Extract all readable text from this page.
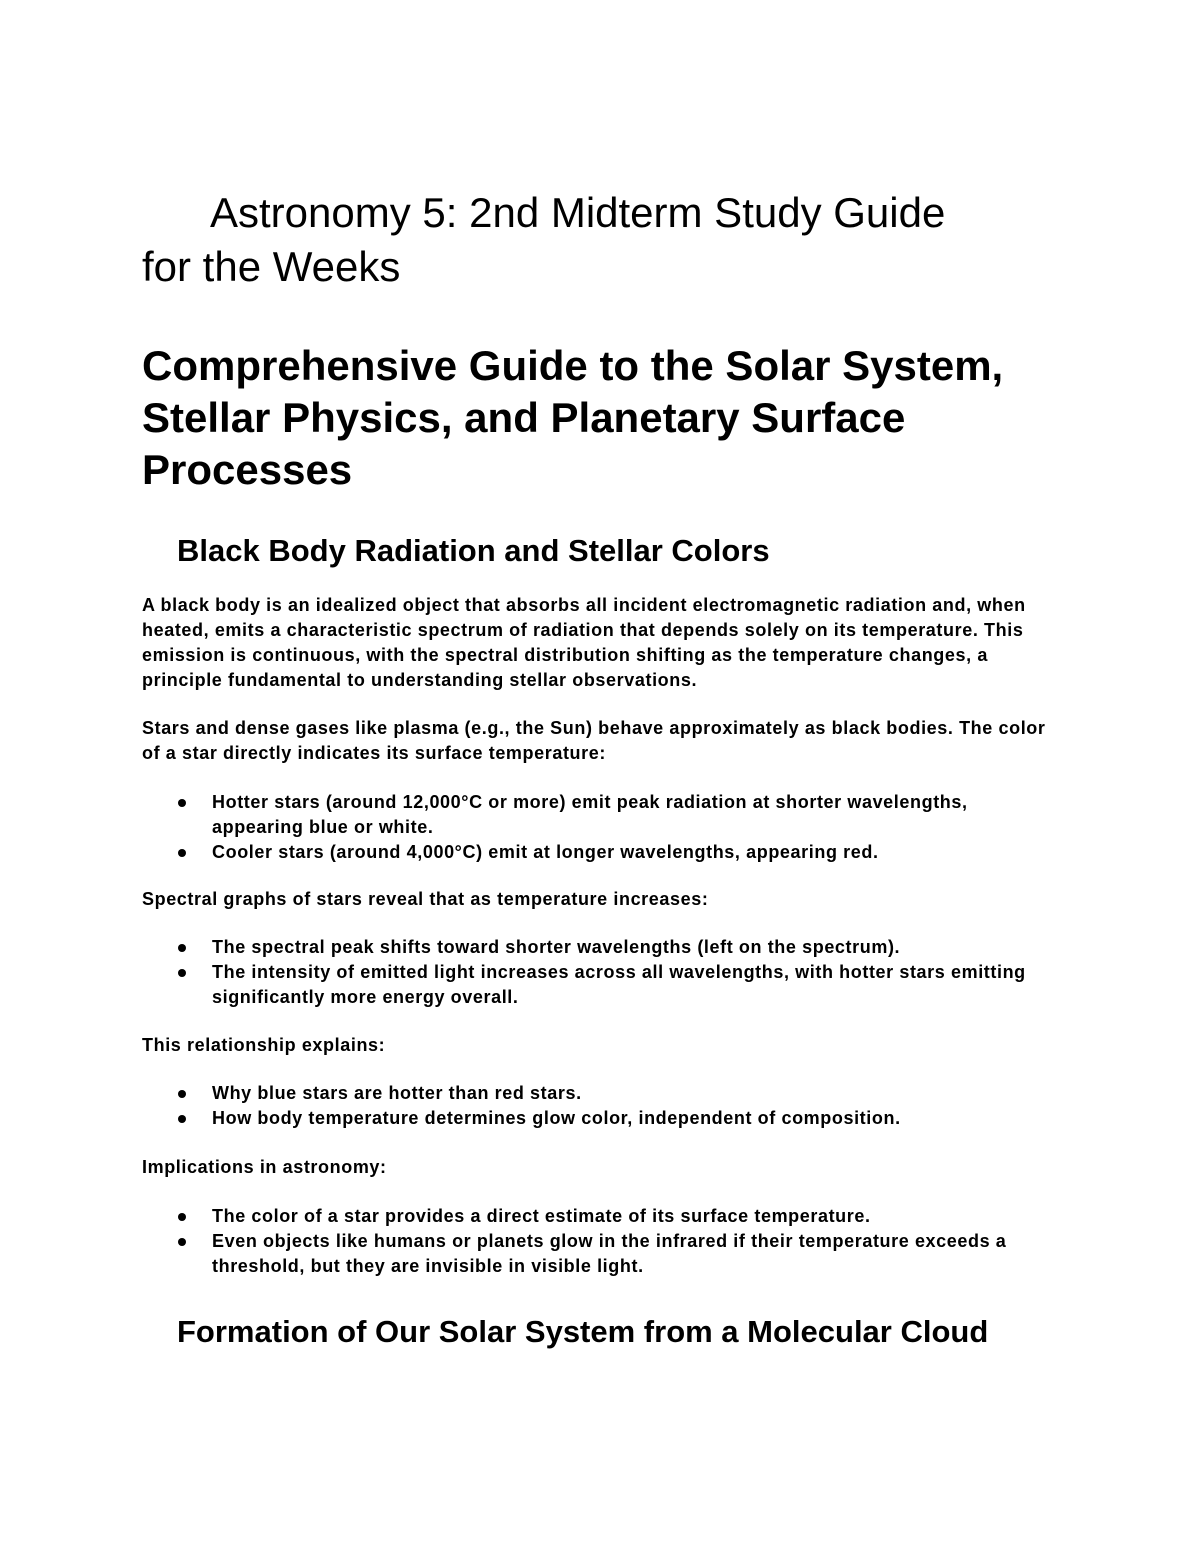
Astronomy 5: 2nd Midterm Study Guide for the Weeks
Comprehensive Guide to the Solar System, Stellar Physics, and Planetary Surface Processes
Black Body Radiation and Stellar Colors

A black body is an idealized object that absorbs all incident electromagnetic radiation and, when heated, emits a characteristic spectrum of radiation that depends solely on its temperature. This emission is continuous, with the spectral distribution shifting as the temperature changes, a principle fundamental to understanding stellar observations.

Stars and dense gases like plasma (e.g., the Sun) behave approximately as black bodies. The color of a star directly indicates its surface temperature:

Hotter stars (around 12,000°C or more) emit peak radiation at shorter wavelengths, appearing blue or white.
Cooler stars (around 4,000°C) emit at longer wavelengths, appearing red.

Spectral graphs of stars reveal that as temperature increases:

The spectral peak shifts toward shorter wavelengths (left on the spectrum).
The intensity of emitted light increases across all wavelengths, with hotter stars emitting significantly more energy overall.

This relationship explains:

Why blue stars are hotter than red stars.
How body temperature determines glow color, independent of composition.

Implications in astronomy:

The color of a star provides a direct estimate of its surface temperature.
Even objects like humans or planets glow in the infrared if their temperature exceeds a threshold, but they are invisible in visible light.
Formation of Our Solar System from a Molecular Cloud
